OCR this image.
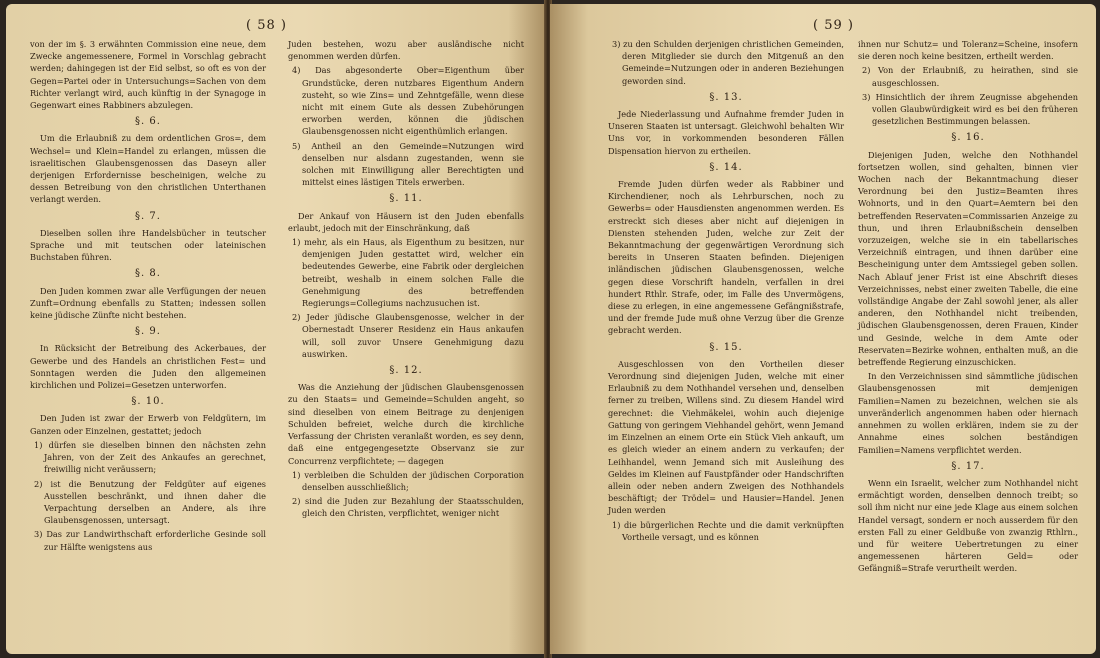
( 58 )

von der im §. 3 erwähnten Commission eine neue, dem Zwecke angemessenere, Formel in Vorschlag gebracht werden; dahingegen ist der Eid selbst, so oft es von der Gegen=Partei oder in Untersuchungs=Sachen von dem Richter verlangt wird, auch künftig in der Synagoge in Gegenwart eines Rabbiners abzulegen.

§. 6.

Um die Erlaubniß zu dem ordentlichen Gros=, dem Wechsel= und Klein=Handel zu erlangen, müssen die israelitischen Glaubensgenossen das Daseyn aller derjenigen Erfordernisse bescheinigen, welche zu dessen Betreibung von den christlichen Unterthanen verlangt werden.

§. 7.

Dieselben sollen ihre Handelsbücher in teutscher Sprache und mit teutschen oder lateinischen Buchstaben führen.

§. 8.

Den Juden kommen zwar alle Verfügungen der neuen Zunft=Ordnung ebenfalls zu Statten; indessen sollen keine jüdische Zünfte nicht bestehen.

§. 9.

In Rücksicht der Betreibung des Ackerbaues, der Gewerbe und des Handels an christlichen Fest= und Sonntagen werden die Juden den allgemeinen kirchlichen und Polizei=Gesetzen unterworfen.

§. 10.

Den Juden ist zwar der Erwerb von Feldgütern, im Ganzen oder Einzelnen, gestattet; jedoch

1) dürfen sie dieselben binnen den nächsten zehn Jahren, von der Zeit des Ankaufes an gerechnet, freiwillig nicht veräussern;

2) ist die Benutzung der Feldgüter auf eigenes Ausstellen beschränkt, und ihnen daher die Verpachtung derselben an Andere, als ihre Glaubensgenossen, untersagt.

3) Das zur Landwirthschaft erforderliche Gesinde soll zur Hälfte wenigstens aus

Juden bestehen, wozu aber ausländische nicht genommen werden dürfen.

4) Das abgesonderte Ober=Eigenthum über Grundstücke, deren nutzbares Eigenthum Andern zusteht, so wie Zins= und Zehntgefälle, wenn diese nicht mit einem Gute als dessen Zubehörungen erworben werden, können die jüdischen Glaubensgenossen nicht eigenthümlich erlangen.

5) Antheil an den Gemeinde=Nutzungen wird denselben nur alsdann zugestanden, wenn sie solchen mit Einwilligung aller Berechtigten und mittelst eines lästigen Titels erwerben.

§. 11.

Der Ankauf von Häusern ist den Juden ebenfalls erlaubt, jedoch mit der Einschränkung, daß

1) mehr, als ein Haus, als Eigenthum zu besitzen, nur demjenigen Juden gestattet wird, welcher ein bedeutendes Gewerbe, eine Fabrik oder dergleichen betreibt, weshalb in einem solchen Falle die Genehmigung des betreffenden Regierungs=Collegiums nachzusuchen ist.

2) Jeder jüdische Glaubensgenosse, welcher in der Obernestadt Unserer Residenz ein Haus ankaufen will, soll zuvor Unsere Genehmigung dazu auswirken.

§. 12.

Was die Anziehung der jüdischen Glaubensgenossen zu den Staats= und Gemeinde=Schulden angeht, so sind dieselben von einem Beitrage zu denjenigen Schulden befreiet, welche durch die kirchliche Verfassung der Christen veranlaßt worden, es sey denn, daß eine entgegengesetzte Observanz sie zur Concurrenz verpflichtete; — dagegen

1) verbleiben die Schulden der jüdischen Corporation denselben ausschließlich;

2) sind die Juden zur Bezahlung der Staatsschulden, gleich den Christen, verpflichtet, weniger nicht

( 59 )

3) zu den Schulden derjenigen christlichen Gemeinden, deren Mitglieder sie durch den Mitgenuß an den Gemeinde=Nutzungen oder in anderen Beziehungen geworden sind.

§. 13.

Jede Niederlassung und Aufnahme fremder Juden in Unseren Staaten ist untersagt. Gleichwohl behalten Wir Uns vor, in vorkommenden besonderen Fällen Dispensation hiervon zu ertheilen.

§. 14.

Fremde Juden dürfen weder als Rabbiner und Kirchendiener, noch als Lehrburschen, noch zu Gewerbs= oder Hausdiensten angenommen werden. Es erstreckt sich dieses aber nicht auf diejenigen in Diensten stehenden Juden, welche zur Zeit der Bekanntmachung der gegenwärtigen Verordnung sich bereits in Unseren Staaten befinden. Diejenigen inländischen jüdischen Glaubensgenossen, welche gegen diese Vorschrift handeln, verfallen in drei hundert Rthlr. Strafe, oder, im Falle des Unvermögens, diese zu erlegen, in eine angemessene Gefängnißstrafe, und der fremde Jude muß ohne Verzug über die Grenze gebracht werden.

§. 15.

Ausgeschlossen von den Vortheilen dieser Verordnung sind diejenigen Juden, welche mit einer Erlaubniß zu dem Nothhandel versehen und, denselben ferner zu treiben, Willens sind. Zu diesem Handel wird gerechnet: die Viehmäkelei, wohin auch diejenige Gattung von geringem Viehhandel gehört, wenn Jemand im Einzelnen an einem Orte ein Stück Vieh ankauft, um es gleich wieder an einem andern zu verkaufen; der Leihhandel, wenn Jemand sich mit Ausleihung des Geldes im Kleinen auf Faustpfänder oder Handschriften allein oder neben andern Zweigen des Nothhandels beschäftigt; der Trödel= und Hausier=Handel. Jenen Juden werden

1) die bürgerlichen Rechte und die damit verknüpften Vortheile versagt, und es können

ihnen nur Schutz= und Toleranz=Scheine, insofern sie deren noch keine besitzen, ertheilt werden.

2) Von der Erlaubniß, zu heirathen, sind sie ausgeschlossen.

3) Hinsichtlich der ihrem Zeugnisse abgehenden vollen Glaubwürdigkeit wird es bei den früheren gesetzlichen Bestimmungen belassen.

§. 16.

Diejenigen Juden, welche den Nothhandel fortsetzen wollen, sind gehalten, binnen vier Wochen nach der Bekanntmachung dieser Verordnung bei den Justiz=Beamten ihres Wohnorts, und in den Quart=Aemtern bei den betreffenden Reservaten=Commissarien Anzeige zu thun, und ihren Erlaubnißschein denselben vorzuzeigen, welche sie in ein tabellarisches Verzeichniß eintragen, und ihnen darüber eine Bescheinigung unter dem Amtssiegel geben sollen. Nach Ablauf jener Frist ist eine Abschrift dieses Verzeichnisses, nebst einer zweiten Tabelle, die eine vollständige Angabe der Zahl sowohl jener, als aller anderen, den Nothhandel nicht treibenden, jüdischen Glaubensgenossen, deren Frauen, Kinder und Gesinde, welche in dem Amte oder Reservaten=Bezirke wohnen, enthalten muß, an die betreffende Regierung einzuschicken.

In den Verzeichnissen sind sämmtliche jüdischen Glaubensgenossen mit demjenigen Familien=Namen zu bezeichnen, welchen sie als unveränderlich angenommen haben oder hiernach annehmen zu wollen erklären, indem sie zu der Annahme eines solchen beständigen Familien=Namens verpflichtet werden.

§. 17.

Wenn ein Israelit, welcher zum Nothhandel nicht ermächtigt worden, denselben dennoch treibt; so soll ihm nicht nur eine jede Klage aus einem solchen Handel versagt, sondern er noch ausserdem für den ersten Fall zu einer Geldbuße von zwanzig Rthlrn., und für weitere Uebertretungen zu einer angemessenen härteren Geld= oder Gefängniß=Strafe verurtheilt werden.
